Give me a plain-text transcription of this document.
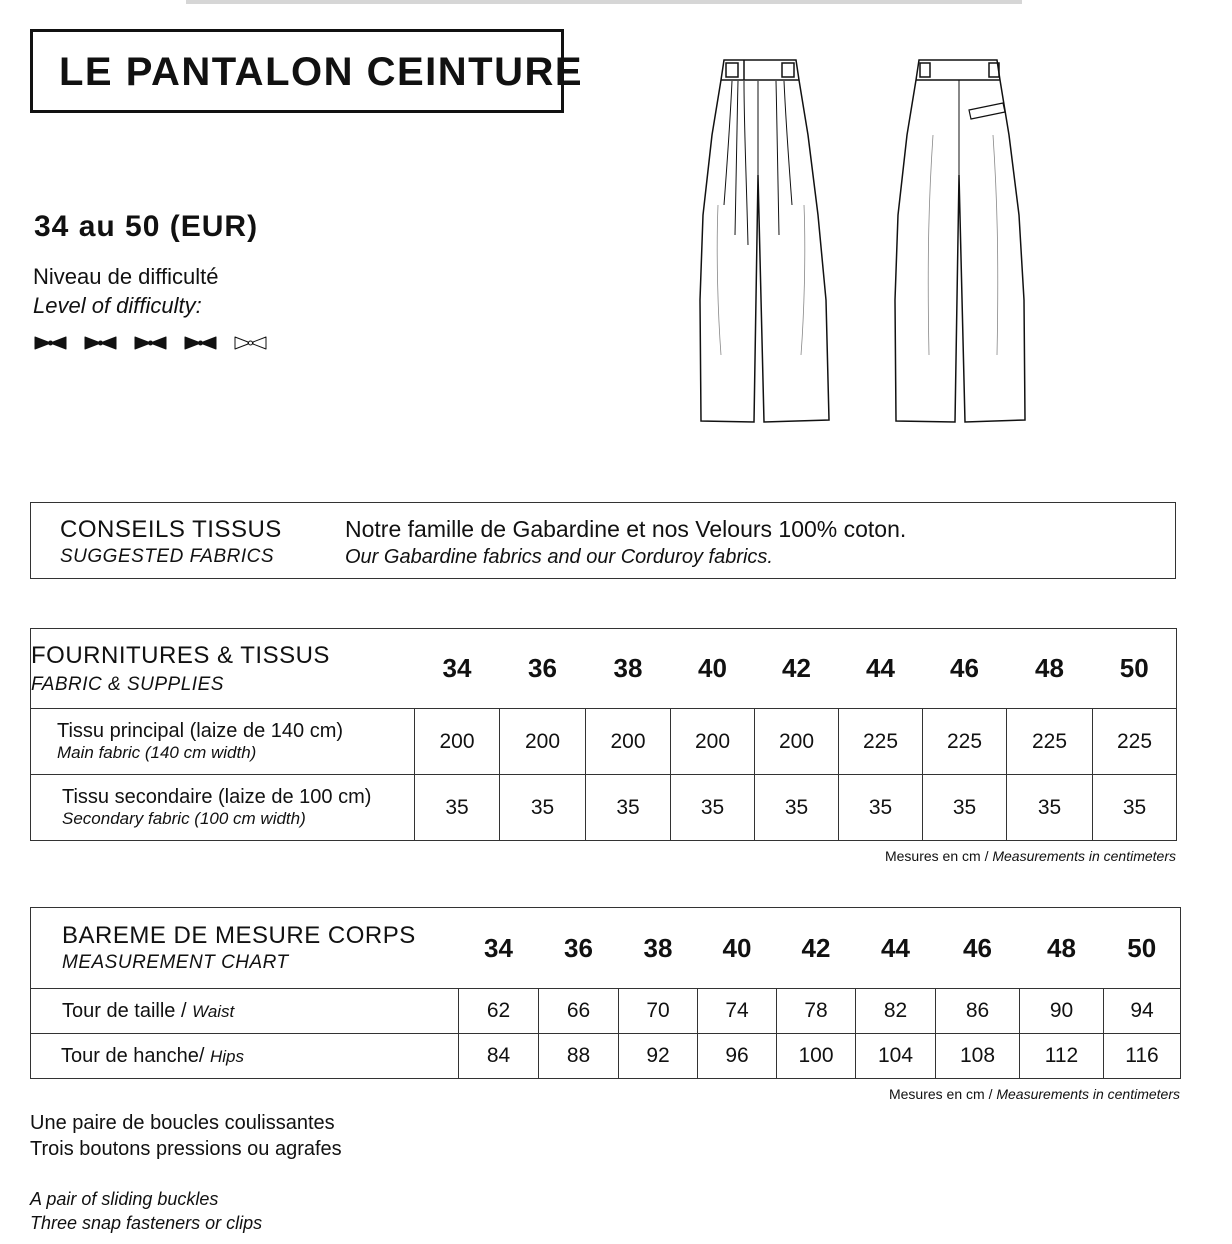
LE PANTALON CEINTURE
34 au 50 (EUR)
Niveau de difficulté
Level of difficulty:
CONSEILS TISSUS
SUGGESTED FABRICS
Notre famille de Gabardine et nos Velours 100% coton.
Our Gabardine fabrics and our Corduroy fabrics.
FOURNITURES & TISSUS
FABRIC & SUPPLIES	34	36	38	40	42	44	46	48	50

Tissu principal (laize de 140 cm)
Main fabric (140 cm width)	200	200	200	200	200	225	225	225	225

Tissu secondaire (laize de 100 cm)
Secondary fabric (100 cm width)	35	35	35	35	35	35	35	35	35
Mesures en cm / Measurements in centimeters
BAREME DE MESURE CORPS
MEASUREMENT CHART	34	36	38	40	42	44	46	48	50
Tour de taille / Waist	62	66	70	74	78	82	86	90	94
Tour de hanche/ Hips	84	88	92	96	100	104	108	112	116
Mesures en cm / Measurements in centimeters
Une paire de boucles coulissantes
Trois boutons pressions ou agrafes
A pair of sliding buckles
Three snap fasteners or clips
